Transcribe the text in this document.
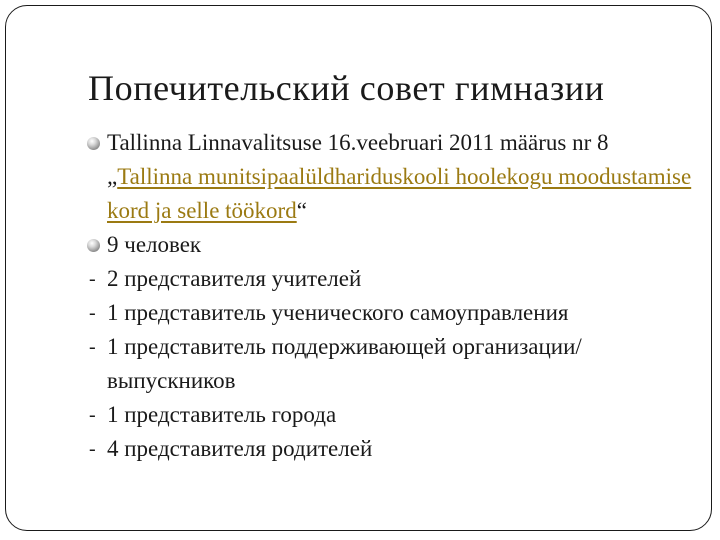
Попечительский совет гимназии
Tallinna Linnavalitsuse 16.veebruari 2011 määrus nr 8
„Tallinna munitsipaalüldhariduskooli hoolekogu moodustamise kord ja selle töökord“
9 человек
- 2 представителя учителей
- 1 представитель ученического самоуправления
- 1 представитель поддерживающей организации/выпускников
- 1 представитель города
- 4 представителя родителей
